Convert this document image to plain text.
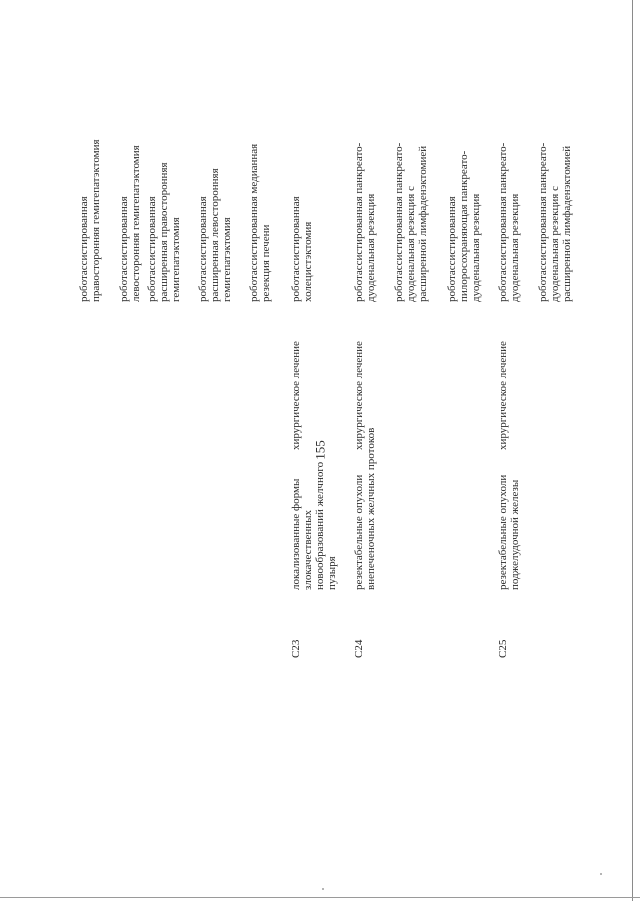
155
роботассистированная
правосторонняя гемигепатэктомия
роботассистированная
левосторонняя гемигепатэктомия
роботассистированная
расширенная правосторонняя
гемигепатэктомия роботассистированная
расширенная левосторонняя
гемигепатэктомия роботассистированная медианная
резекция печени
C23
локализованные формы
злокачественных
новообразований желчного
пузыря
хирургическое лечение
роботассистированная
холецистэктомия
C24
резектабельные опухоли
внепеченочных желчных протоков
хирургическое лечение
роботассистированная панкреато-
дуоденальная резекция роботассистированная панкреато-
дуоденальная резекция с
расширенной лимфаденэктомией
роботассистированная
пилоросохраняющая панкреато-
дуоденальная резекция
C25
резектабельные опухоли
поджелудочной железы
хирургическое лечение
роботассистированная панкреато-
дуоденальная резекция роботассистированная панкреато-
дуоденальная резекция с
расширенной лимфаденэктомией
